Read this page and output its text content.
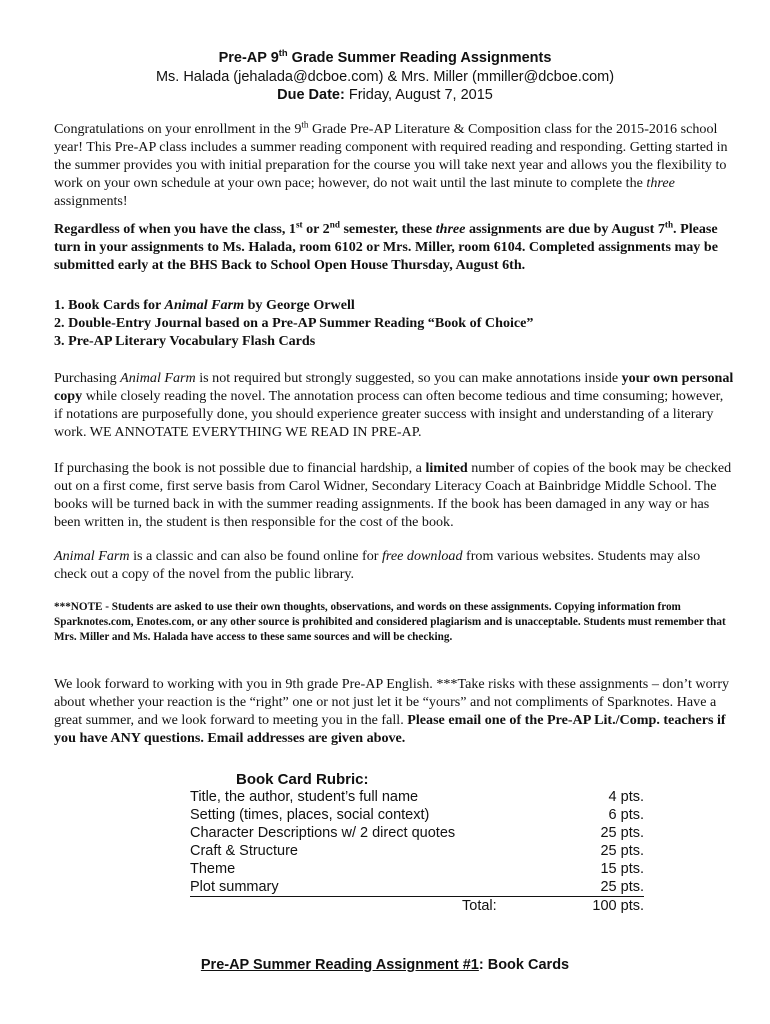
Pre-AP 9th Grade Summer Reading Assignments
Ms. Halada (jehalada@dcboe.com) & Mrs. Miller (mmiller@dcboe.com)
Due Date: Friday, August 7, 2015
Congratulations on your enrollment in the 9th Grade Pre-AP Literature & Composition class for the 2015-2016 school year! This Pre-AP class includes a summer reading component with required reading and responding. Getting started in the summer provides you with initial preparation for the course you will take next year and allows you the flexibility to work on your own schedule at your own pace; however, do not wait until the last minute to complete the three assignments!
Regardless of when you have the class, 1st or 2nd semester, these three assignments are due by August 7th. Please turn in your assignments to Ms. Halada, room 6102 or Mrs. Miller, room 6104. Completed assignments may be submitted early at the BHS Back to School Open House Thursday, August 6th.
1. Book Cards for Animal Farm by George Orwell
2. Double-Entry Journal based on a Pre-AP Summer Reading “Book of Choice”
3. Pre-AP Literary Vocabulary Flash Cards
Purchasing Animal Farm is not required but strongly suggested, so you can make annotations inside your own personal copy while closely reading the novel. The annotation process can often become tedious and time consuming; however, if notations are purposefully done, you should experience greater success with insight and understanding of a literary work. WE ANNOTATE EVERYTHING WE READ IN PRE-AP.
If purchasing the book is not possible due to financial hardship, a limited number of copies of the book may be checked out on a first come, first serve basis from Carol Widner, Secondary Literacy Coach at Bainbridge Middle School. The books will be turned back in with the summer reading assignments. If the book has been damaged in any way or has been written in, the student is then responsible for the cost of the book.
Animal Farm is a classic and can also be found online for free download from various websites. Students may also check out a copy of the novel from the public library.
***NOTE - Students are asked to use their own thoughts, observations, and words on these assignments. Copying information from Sparknotes.com, Enotes.com, or any other source is prohibited and considered plagiarism and is unacceptable. Students must remember that Mrs. Miller and Ms. Halada have access to these same sources and will be checking.
We look forward to working with you in 9th grade Pre-AP English. ***Take risks with these assignments – don’t worry about whether your reaction is the “right” one or not just let it be “yours” and not compliments of Sparknotes. Have a great summer, and we look forward to meeting you in the fall. Please email one of the Pre-AP Lit./Comp. teachers if you have ANY questions. Email addresses are given above.
Book Card Rubric:
Title, the author, student’s full name	4 pts.
Setting (times, places, social context)	6 pts.
Character Descriptions w/ 2 direct quotes	25 pts.
Craft & Structure	25 pts.
Theme	15 pts.
Plot summary	25 pts.
Total:	100 pts.
Pre-AP Summer Reading Assignment #1: Book Cards
